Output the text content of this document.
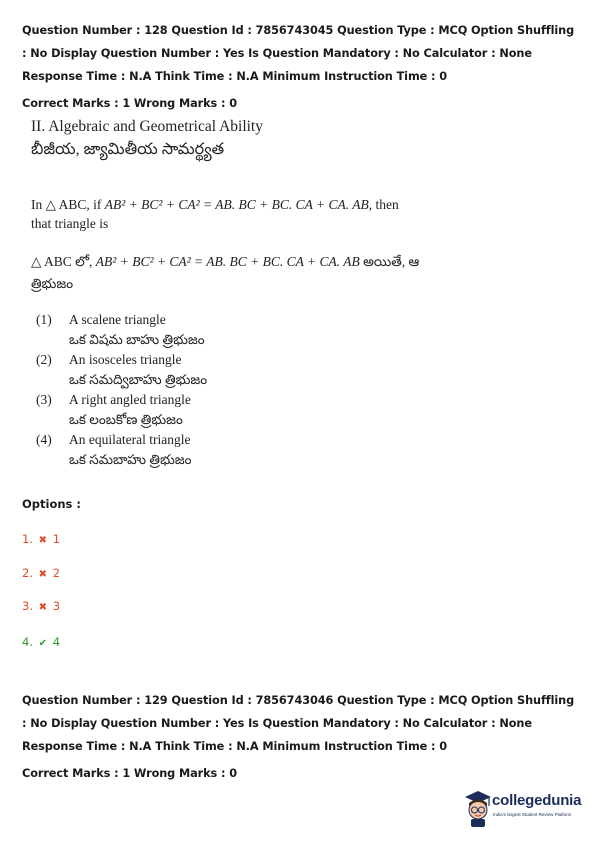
Question Number : 128 Question Id : 7856743045 Question Type : MCQ Option Shuffling : No Display Question Number : Yes Is Question Mandatory : No Calculator : None Response Time : N.A Think Time : N.A Minimum Instruction Time : 0

Correct Marks : 1 Wrong Marks : 0

II. Algebraic and Geometrical Ability
బీజీయ, జ్యామితీయ సామర్థ్యత
In △ ABC, if AB² + BC² + CA² = AB. BC + BC. CA + CA. AB, then that triangle is
△ ABC లో, AB² + BC² + CA² = AB. BC + BC. CA + CA. AB అయితే, ఆ త్రిభుజం
(1) A scalene triangle
ఒక విషమ బాహు త్రిభుజం
(2) An isosceles triangle
ఒక సమద్విబాహు త్రిభుజం
(3) A right angled triangle
ఒక లంబకోణ త్రిభుజం
(4) An equilateral triangle
ఒక సమబాహు త్రిభుజం
Options :
1. ✖ 1
2. ✖ 2
3. ✖ 3
4. ✔ 4

Question Number : 129 Question Id : 7856743046 Question Type : MCQ Option Shuffling : No Display Question Number : Yes Is Question Mandatory : No Calculator : None Response Time : N.A Think Time : N.A Minimum Instruction Time : 0

Correct Marks : 1 Wrong Marks : 0

collegedunia
India's largest Student Review Platform
